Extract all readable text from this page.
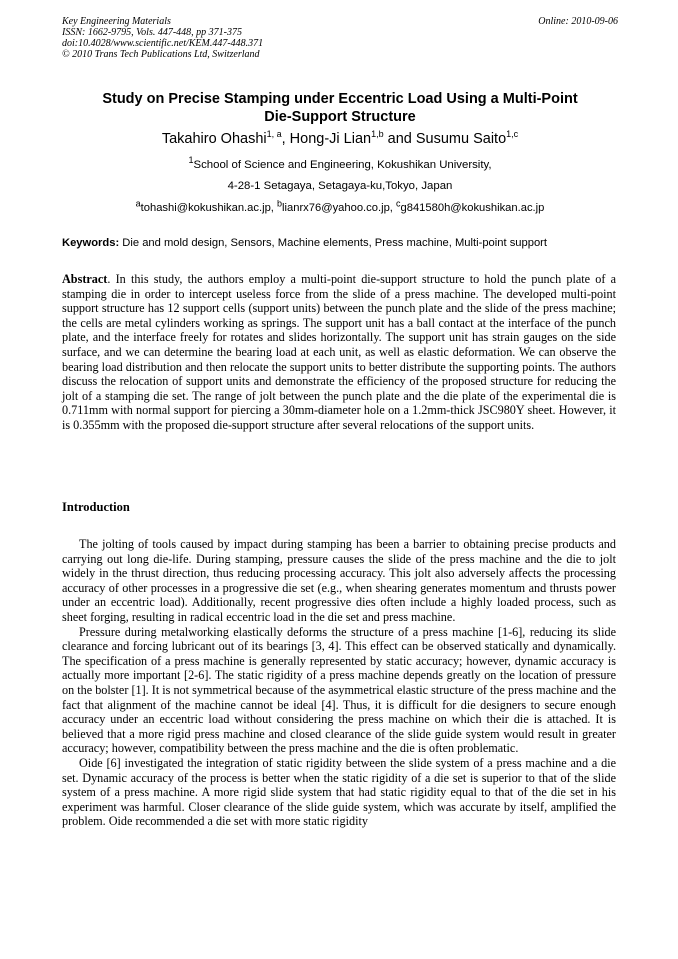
Key Engineering Materials
ISSN: 1662-9795, Vols. 447-448, pp 371-375
doi:10.4028/www.scientific.net/KEM.447-448.371
© 2010 Trans Tech Publications Ltd, Switzerland
Online: 2010-09-06
Study on Precise Stamping under Eccentric Load Using a Multi-Point
Die-Support Structure
Takahiro Ohashi$^{1, a}$, Hong-Ji Lian$^{1,b}$ and Susumu Saito$^{1,c}$
$^1$School of Science and Engineering, Kokushikan University,
4-28-1 Setagaya, Setagaya-ku,Tokyo, Japan
$^a$tohashi@kokushikan.ac.jp, $^b$lianrx76@yahoo.co.jp, $^c$g841580h@kokushikan.ac.jp
Keywords: Die and mold design, Sensors, Machine elements, Press machine, Multi-point support

Abstract. In this study, the authors employ a multi-point die-support structure to hold the punch plate of a stamping die in order to intercept useless force from the slide of a press machine. The developed multi-point support structure has 12 support cells (support units) between the punch plate and the slide of the press machine; the cells are metal cylinders working as springs. The support unit has a ball contact at the interface of the punch plate, and the interface freely for rotates and slides horizontally. The support unit has strain gauges on the side surface, and we can determine the bearing load at each unit, as well as elastic deformation. We can observe the bearing load distribution and then relocate the support units to better distribute the supporting points. The authors discuss the relocation of support units and demonstrate the efficiency of the proposed structure for reducing the jolt of a stamping die set. The range of jolt between the punch plate and the die plate of the experimental die is 0.711mm with normal support for piercing a 30mm-diameter hole on a 1.2mm-thick JSC980Y sheet. However, it is 0.355mm with the proposed die-support structure after several relocations of the support units.

Introduction

The jolting of tools caused by impact during stamping has been a barrier to obtaining precise products and carrying out long die-life. During stamping, pressure causes the slide of the press machine and the die to jolt widely in the thrust direction, thus reducing processing accuracy. This jolt also adversely affects the processing accuracy of other processes in a progressive die set (e.g., when shearing generates momentum and thrusts power under an eccentric load). Additionally, recent progressive dies often include a highly loaded process, such as sheet forging, resulting in radical eccentric load in the die set and press machine.

Pressure during metalworking elastically deforms the structure of a press machine [1-6], reducing its slide clearance and forcing lubricant out of its bearings [3, 4]. This effect can be observed statically and dynamically. The specification of a press machine is generally represented by static accuracy; however, dynamic accuracy is actually more important [2-6]. The static rigidity of a press machine depends greatly on the location of pressure on the bolster [1]. It is not symmetrical because of the asymmetrical elastic structure of the press machine and the fact that alignment of the machine cannot be ideal [4]. Thus, it is difficult for die designers to secure enough accuracy under an eccentric load without considering the press machine on which their die is attached. It is believed that a more rigid press machine and closed clearance of the slide guide system would result in greater accuracy; however, compatibility between the press machine and the die is often problematic.

Oide [6] investigated the integration of static rigidity between the slide system of a press machine and a die set. Dynamic accuracy of the process is better when the static rigidity of a die set is superior to that of the slide system of a press machine. A more rigid slide system that had static rigidity equal to that of the die set in his experiment was harmful. Closer clearance of the slide guide system, which was accurate by itself, amplified the problem. Oide recommended a die set with more static rigidity
